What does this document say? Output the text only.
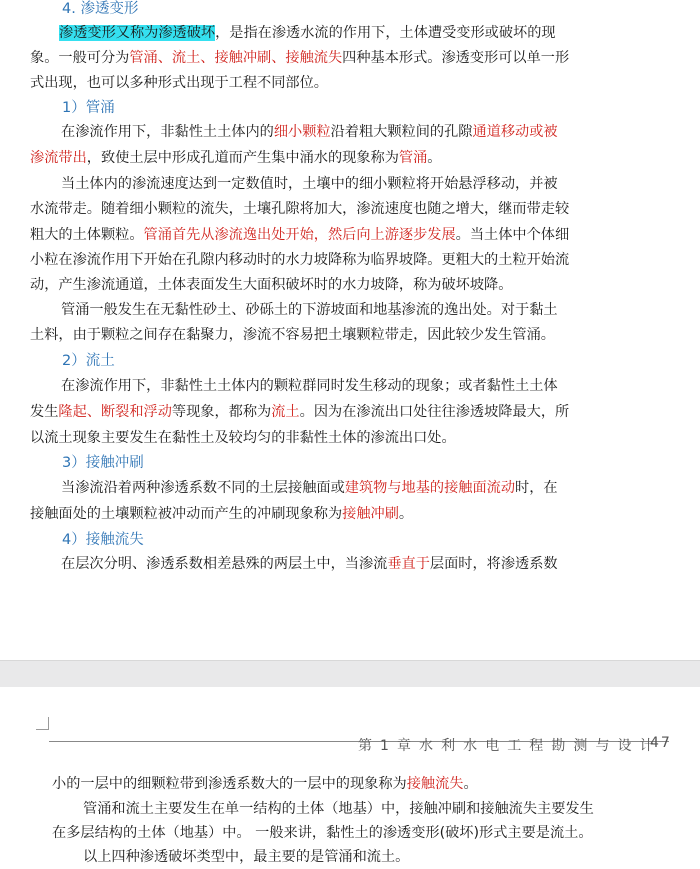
4. 渗透变形
渗透变形又称为渗透破坏，是指在渗透水流的作用下，土体遭受变形或破坏的现
象。一般可分为管涌、流土、接触冲刷、接触流失四种基本形式。渗透变形可以单一形
式出现，也可以多种形式出现于工程不同部位。
1）管涌
在渗流作用下，非黏性土土体内的细小颗粒沿着粗大颗粒间的孔隙通道移动或被
渗流带出，致使土层中形成孔道而产生集中涌水的现象称为管涌。
当土体内的渗流速度达到一定数值时，土壤中的细小颗粒将开始悬浮移动，并被
水流带走。随着细小颗粒的流失，土壤孔隙将加大，渗流速度也随之增大，继而带走较
粗大的土体颗粒。管涌首先从渗流逸出处开始，然后向上游逐步发展。当土体中个体细
小粒在渗流作用下开始在孔隙内移动时的水力坡降称为临界坡降。更粗大的土粒开始流
动，产生渗流通道，土体表面发生大面积破坏时的水力坡降，称为破坏坡降。
管涌一般发生在无黏性砂土、砂砾土的下游坡面和地基渗流的逸出处。对于黏土
土料，由于颗粒之间存在黏聚力，渗流不容易把土壤颗粒带走，因此较少发生管涌。
2）流土
在渗流作用下，非黏性土土体内的颗粒群同时发生移动的现象；或者黏性土土体
发生隆起、断裂和浮动等现象，都称为流土。因为在渗流出口处往往渗透坡降最大，所
以流土现象主要发生在黏性土及较均匀的非黏性土体的渗流出口处。
3）接触冲刷
当渗流沿着两种渗透系数不同的土层接触面或建筑物与地基的接触面流动时，在
接触面处的土壤颗粒被冲动而产生的冲刷现象称为接触冲刷。
4）接触流失
在层次分明、渗透系数相差悬殊的两层土中，当渗流垂直于层面时，将渗透系数
第 1 章 水 利 水 电 工 程 勘 测 与 设 计
47
小的一层中的细颗粒带到渗透系数大的一层中的现象称为接触流失。
管涌和流土主要发生在单一结构的土体（地基）中，接触冲刷和接触流失主要发生
在多层结构的土体（地基）中。 一般来讲，黏性土的渗透变形(破坏)形式主要是流土。
以上四种渗透破坏类型中，最主要的是管涌和流土。
